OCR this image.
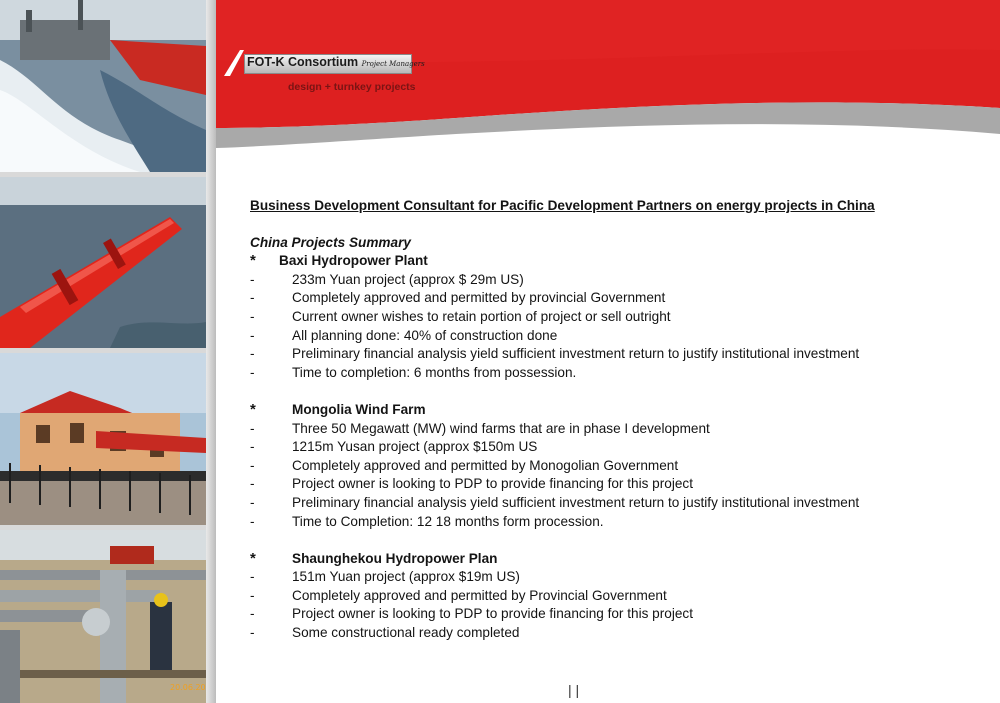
20.06.20
FOT-K Consortium Project Managers
design + turnkey projects
Business Development Consultant for Pacific Development Partners on energy projects in China
China Projects Summary
* Baxi Hydropower Plant
-	233m Yuan project (approx $ 29m US)
-	Completely approved and permitted by provincial Government
-	Current owner wishes to retain portion of project or sell outright
-	All planning done: 40% of construction done
-	Preliminary financial analysis yield sufficient investment return to justify institutional investment
-	Time to completion: 6 months from possession.
*	Mongolia Wind Farm
-	Three 50 Megawatt (MW) wind farms that are in phase I development
-	1215m Yusan project (approx $150m US
-	Completely approved and permitted by Monogolian Government
-	Project owner is looking to PDP to provide financing for this project
-	Preliminary financial analysis yield sufficient investment return to justify institutional investment
-	Time to Completion: 12 18 months form procession.
*	Shaunghekou Hydropower Plan
-	151m Yuan project (approx $19m US)
-	Completely approved and permitted by Provincial Government
-	Project owner is looking to PDP to provide financing for this project
-	Some constructional ready completed
| |
